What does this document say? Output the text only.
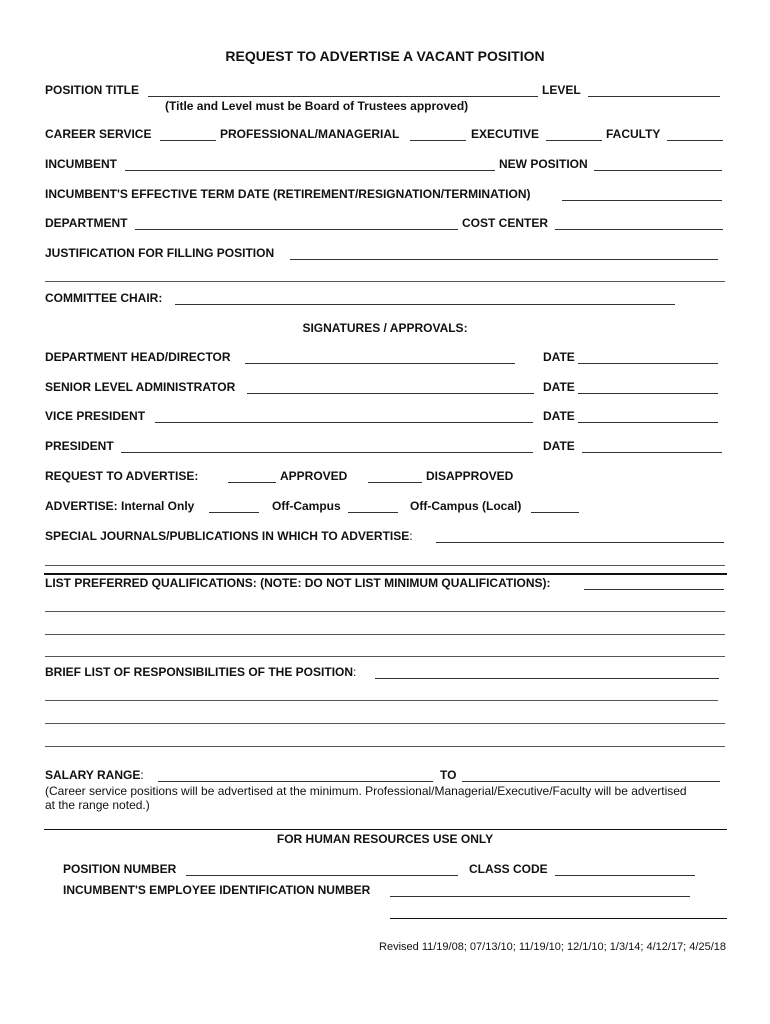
REQUEST TO ADVERTISE A VACANT POSITION
POSITION TITLE	LEVEL
(Title and Level must be Board of Trustees approved)
CAREER SERVICE	PROFESSIONAL/MANAGERIAL	EXECUTIVE	FACULTY
INCUMBENT	NEW POSITION
INCUMBENT'S EFFECTIVE TERM DATE (RETIREMENT/RESIGNATION/TERMINATION)
DEPARTMENT	COST CENTER
JUSTIFICATION FOR FILLING POSITION
COMMITTEE CHAIR:
SIGNATURES / APPROVALS:
DEPARTMENT HEAD/DIRECTOR	DATE
SENIOR LEVEL ADMINISTRATOR	DATE
VICE PRESIDENT	DATE
PRESIDENT	DATE
REQUEST TO ADVERTISE:	APPROVED	DISAPPROVED
ADVERTISE: Internal Only	Off-Campus	Off-Campus (Local)
SPECIAL JOURNALS/PUBLICATIONS IN WHICH TO ADVERTISE:
LIST PREFERRED QUALIFICATIONS: (NOTE: DO NOT LIST MINIMUM QUALIFICATIONS):
BRIEF LIST OF RESPONSIBILITIES OF THE POSITION:
SALARY RANGE:	TO
(Career service positions will be advertised at the minimum. Professional/Managerial/Executive/Faculty will be advertised
at the range noted.)
FOR HUMAN RESOURCES USE ONLY
POSITION NUMBER	CLASS CODE
INCUMBENT'S EMPLOYEE IDENTIFICATION NUMBER
Revised 11/19/08; 07/13/10; 11/19/10; 12/1/10; 1/3/14; 4/12/17; 4/25/18
